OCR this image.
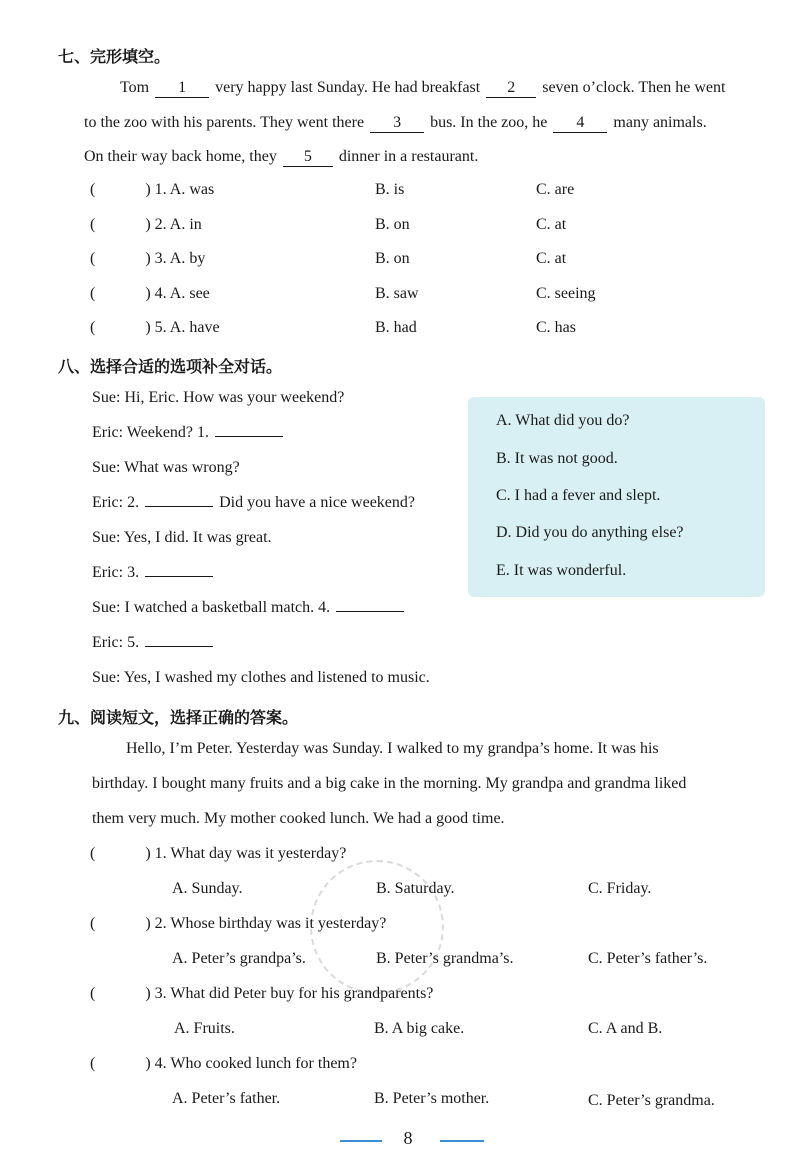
七、完形填空。
Tom 1 very happy last Sunday. He had breakfast 2 seven o’clock. Then he went
to the zoo with his parents. They went there 3 bus. In the zoo, he 4 many animals.
On their way back home, they 5 dinner in a restaurant.
(	) 1. A. was	B. is	C. are
(	) 2. A. in	B. on	C. at
(	) 3. A. by	B. on	C. at
(	) 4. A. see	B. saw	C. seeing
(	) 5. A. have	B. had	C. has
八、选择合适的选项补全对话。
Sue: Hi, Eric. How was your weekend?
Eric: Weekend? 1.
Sue: What was wrong?
Eric: 2.	Did you have a nice weekend?
Sue: Yes, I did. It was great.
Eric: 3.
Sue: I watched a basketball match. 4.
Eric: 5.
Sue: Yes, I washed my clothes and listened to music.
A. What did you do?
B. It was not good.
C. I had a fever and slept.
D. Did you do anything else?
E. It was wonderful.
九、阅读短文，选择正确的答案。
Hello, I’m Peter. Yesterday was Sunday. I walked to my grandpa’s home. It was his
birthday. I bought many fruits and a big cake in the morning. My grandpa and grandma liked
them very much. My mother cooked lunch. We had a good time.
(	) 1. What day was it yesterday?
A. Sunday.	B. Saturday.	C. Friday.
(	) 2. Whose birthday was it yesterday?
A. Peter’s grandpa’s.	B. Peter’s grandma’s.	C. Peter’s father’s.
(	) 3. What did Peter buy for his grandparents?
A. Fruits.	B. A big cake.	C. A and B.
(	) 4. Who cooked lunch for them?
A. Peter’s father.	B. Peter’s mother.	C. Peter’s grandma.
8
